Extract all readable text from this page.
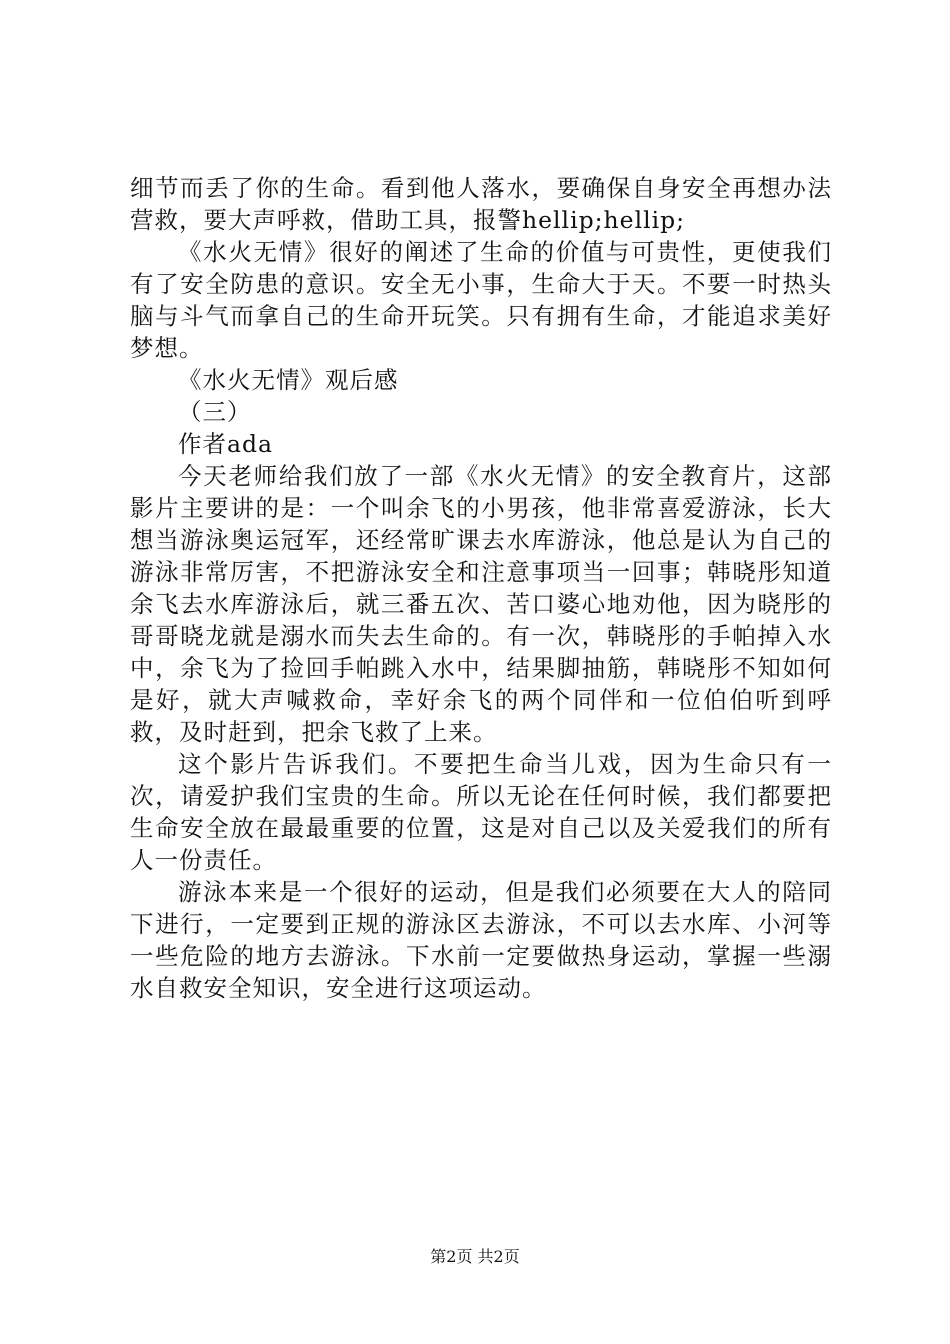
细节而丢了你的生命。看到他人落水，要确保自身安全再想办法营救，要大声呼救，借助工具，报警hellip;hellip;

《水火无情》很好的阐述了生命的价值与可贵性，更使我们有了安全防患的意识。安全无小事，生命大于天。不要一时热头脑与斗气而拿自己的生命开玩笑。只有拥有生命，才能追求美好梦想。

《水火无情》观后感

（三）

作者ada

今天老师给我们放了一部《水火无情》的安全教育片，这部影片主要讲的是：一个叫余飞的小男孩，他非常喜爱游泳，长大想当游泳奥运冠军，还经常旷课去水库游泳，他总是认为自己的游泳非常厉害，不把游泳安全和注意事项当一回事；韩晓彤知道余飞去水库游泳后，就三番五次、苦口婆心地劝他，因为晓彤的哥哥晓龙就是溺水而失去生命的。有一次，韩晓彤的手帕掉入水中，余飞为了捡回手帕跳入水中，结果脚抽筋，韩晓彤不知如何是好，就大声喊救命，幸好余飞的两个同伴和一位伯伯听到呼救，及时赶到，把余飞救了上来。

这个影片告诉我们。不要把生命当儿戏，因为生命只有一次，请爱护我们宝贵的生命。所以无论在任何时候，我们都要把生命安全放在最最重要的位置，这是对自己以及关爱我们的所有人一份责任。

游泳本来是一个很好的运动，但是我们必须要在大人的陪同下进行，一定要到正规的游泳区去游泳，不可以去水库、小河等一些危险的地方去游泳。下水前一定要做热身运动，掌握一些溺水自救安全知识，安全进行这项运动。

第2页 共2页
